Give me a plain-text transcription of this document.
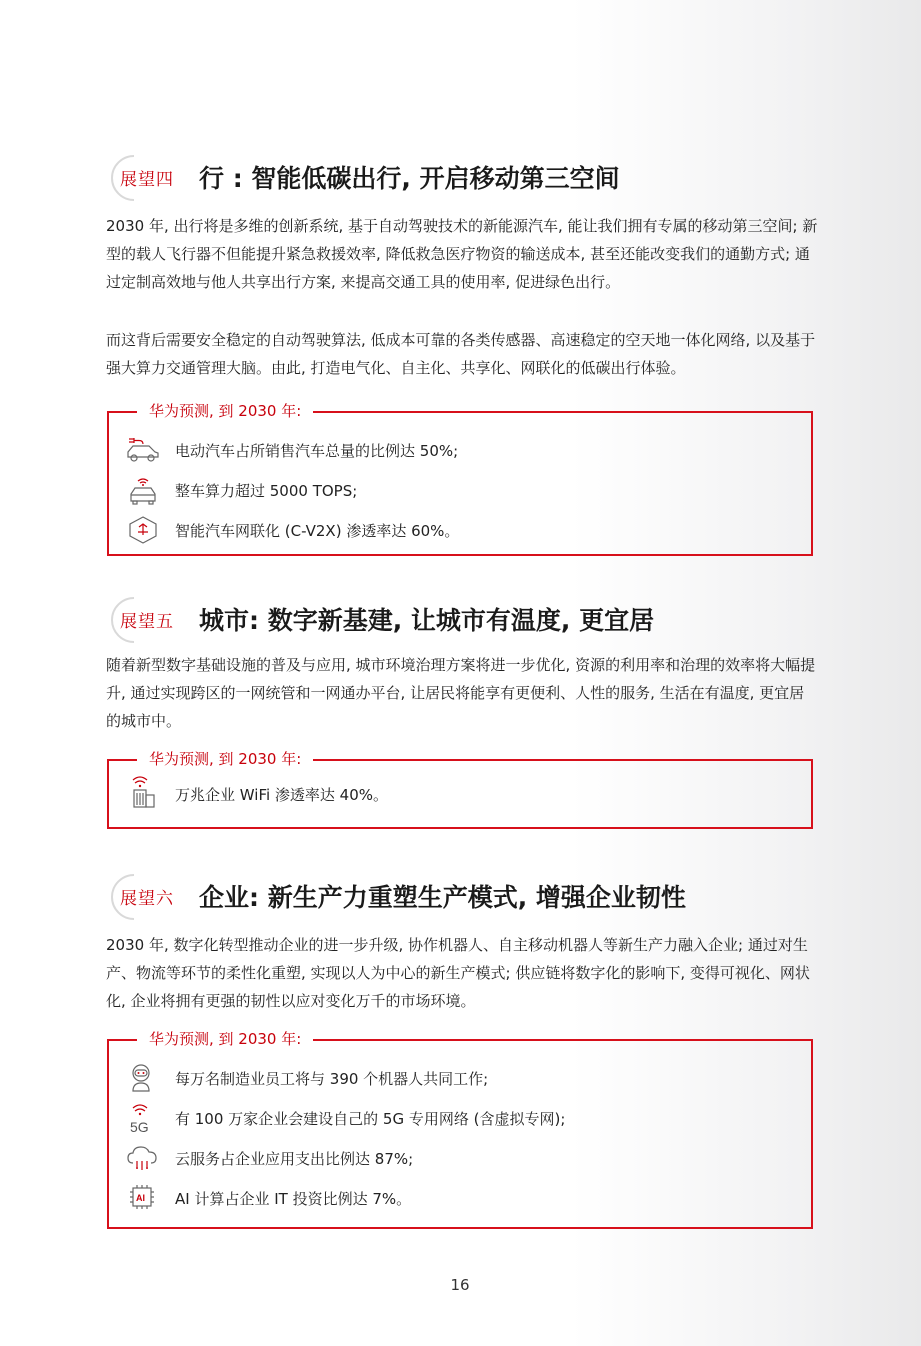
展望四 行 : 智能低碳出行, 开启移动第三空间

2030 年, 出行将是多维的创新系统, 基于自动驾驶技术的新能源汽车, 能让我们拥有专属的移动第三空间; 新型的载人飞行器不但能提升紧急救援效率, 降低救急医疗物资的输送成本, 甚至还能改变我们的通勤方式; 通过定制高效地与他人共享出行方案, 来提高交通工具的使用率, 促进绿色出行。

而这背后需要安全稳定的自动驾驶算法, 低成本可靠的各类传感器、高速稳定的空天地一体化网络, 以及基于强大算力交通管理大脑。由此, 打造电气化、自主化、共享化、网联化的低碳出行体验。

华为预测, 到 2030 年:
电动汽车占所销售汽车总量的比例达 50%;
整车算力超过 5000 TOPS;
智能汽车网联化 (C-V2X) 渗透率达 60%。
展望五 城市: 数字新基建, 让城市有温度, 更宜居

随着新型数字基础设施的普及与应用, 城市环境治理方案将进一步优化, 资源的利用率和治理的效率将大幅提升, 通过实现跨区的一网统管和一网通办平台, 让居民将能享有更便利、人性的服务, 生活在有温度, 更宜居的城市中。

华为预测, 到 2030 年:
万兆企业 WiFi 渗透率达 40%。
展望六 企业: 新生产力重塑生产模式, 增强企业韧性

2030 年, 数字化转型推动企业的进一步升级, 协作机器人、自主移动机器人等新生产力融入企业; 通过对生产、物流等环节的柔性化重塑, 实现以人为中心的新生产模式; 供应链将数字化的影响下, 变得可视化、网状化, 企业将拥有更强的韧性以应对变化万千的市场环境。

华为预测, 到 2030 年:
每万名制造业员工将与 390 个机器人共同工作;
5G 有 100 万家企业会建设自己的 5G 专用网络 (含虚拟专网);
云服务占企业应用支出比例达 87%;
AI AI 计算占企业 IT 投资比例达 7%。
16
